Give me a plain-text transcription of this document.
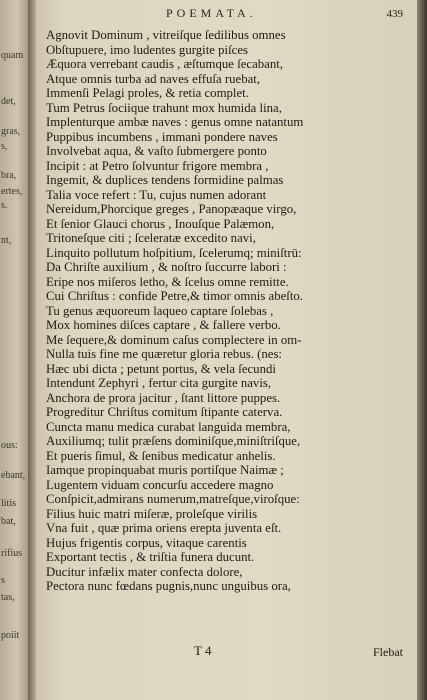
quam
det,
gras,
s,
bra,
ertes,
s.
nt,
ous:
ebant,
litis
bat,
rifius
s
tas,
poiit
POEMATA.	439
Agnovit Dominum , vitreiſque ſedilibus omnes
Obſtupuere, imo ludentes gurgite piſces
Æquora verrebant caudis , æſtumque ſecabant,
Atque omnis turba ad naves effuſa ruebat,
Immenſi Pelagi proles, & retia complet.
Tum Petrus ſociique trahunt mox humida lina,
Implenturque ambæ naves : genus omne natantum
Puppibus incumbens , immani pondere naves
Involvebat aqua, & vaſto ſubmergere ponto
Incipit : at Petro ſolvuntur frigore membra ,
Ingemit, & duplices tendens formidine palmas
Talia voce refert : Tu, cujus numen adorant
Nereidum,Phorcique greges , Panopæaque virgo,
Et ſenior Glauci chorus , Inouſque Palæmon,
Tritoneſque citi ; ſceleratæ excedito navi,
Linquito pollutum hoſpitium, ſcelerumq; miniſtrū:
Da Chriſte auxilium , & noſtro ſuccurre labori :
Eripe nos miſeros letho, & ſcelus omne remitte.
Cui Chriſtus : confide Petre,& timor omnis abeſto.
Tu genus æquoreum laqueo captare ſolebas ,
Mox homines diſces captare , & fallere verbo.
Me ſequere,& dominum caſus complectere in om-
Nulla tuis fine me quæretur gloria rebus. (nes:
Hæc ubi dicta ; petunt portus, & vela ſecundi
Intendunt Zephyri , fertur cita gurgite navis,
Anchora de prora jacitur , ſtant littore puppes.
Progreditur Chriſtus comitum ſtipante caterva.
Cuncta manu medica curabat languida membra,
Auxiliumq; tulit præſens dominiſque,miniſtriſque,
Et pueris ſimul, & ſenibus medicatur anhelis.
Iamque propinquabat muris portiſque Naimæ ;
Lugentem viduam concurſu accedere magno
Conſpicit,admirans numerum,matreſque,viroſque:
Filius huic matri miſeræ, proleſque virilis
Vna fuit , quæ prima oriens erepta juventa eſt.
Hujus frigentis corpus, vitaque carentis
Exportant tectis , & triſtia funera ducunt.
Ducitur infælix mater confecta dolore,
Pectora nunc fœdans pugnis,nunc unguibus ora,
T 4	Flebat
